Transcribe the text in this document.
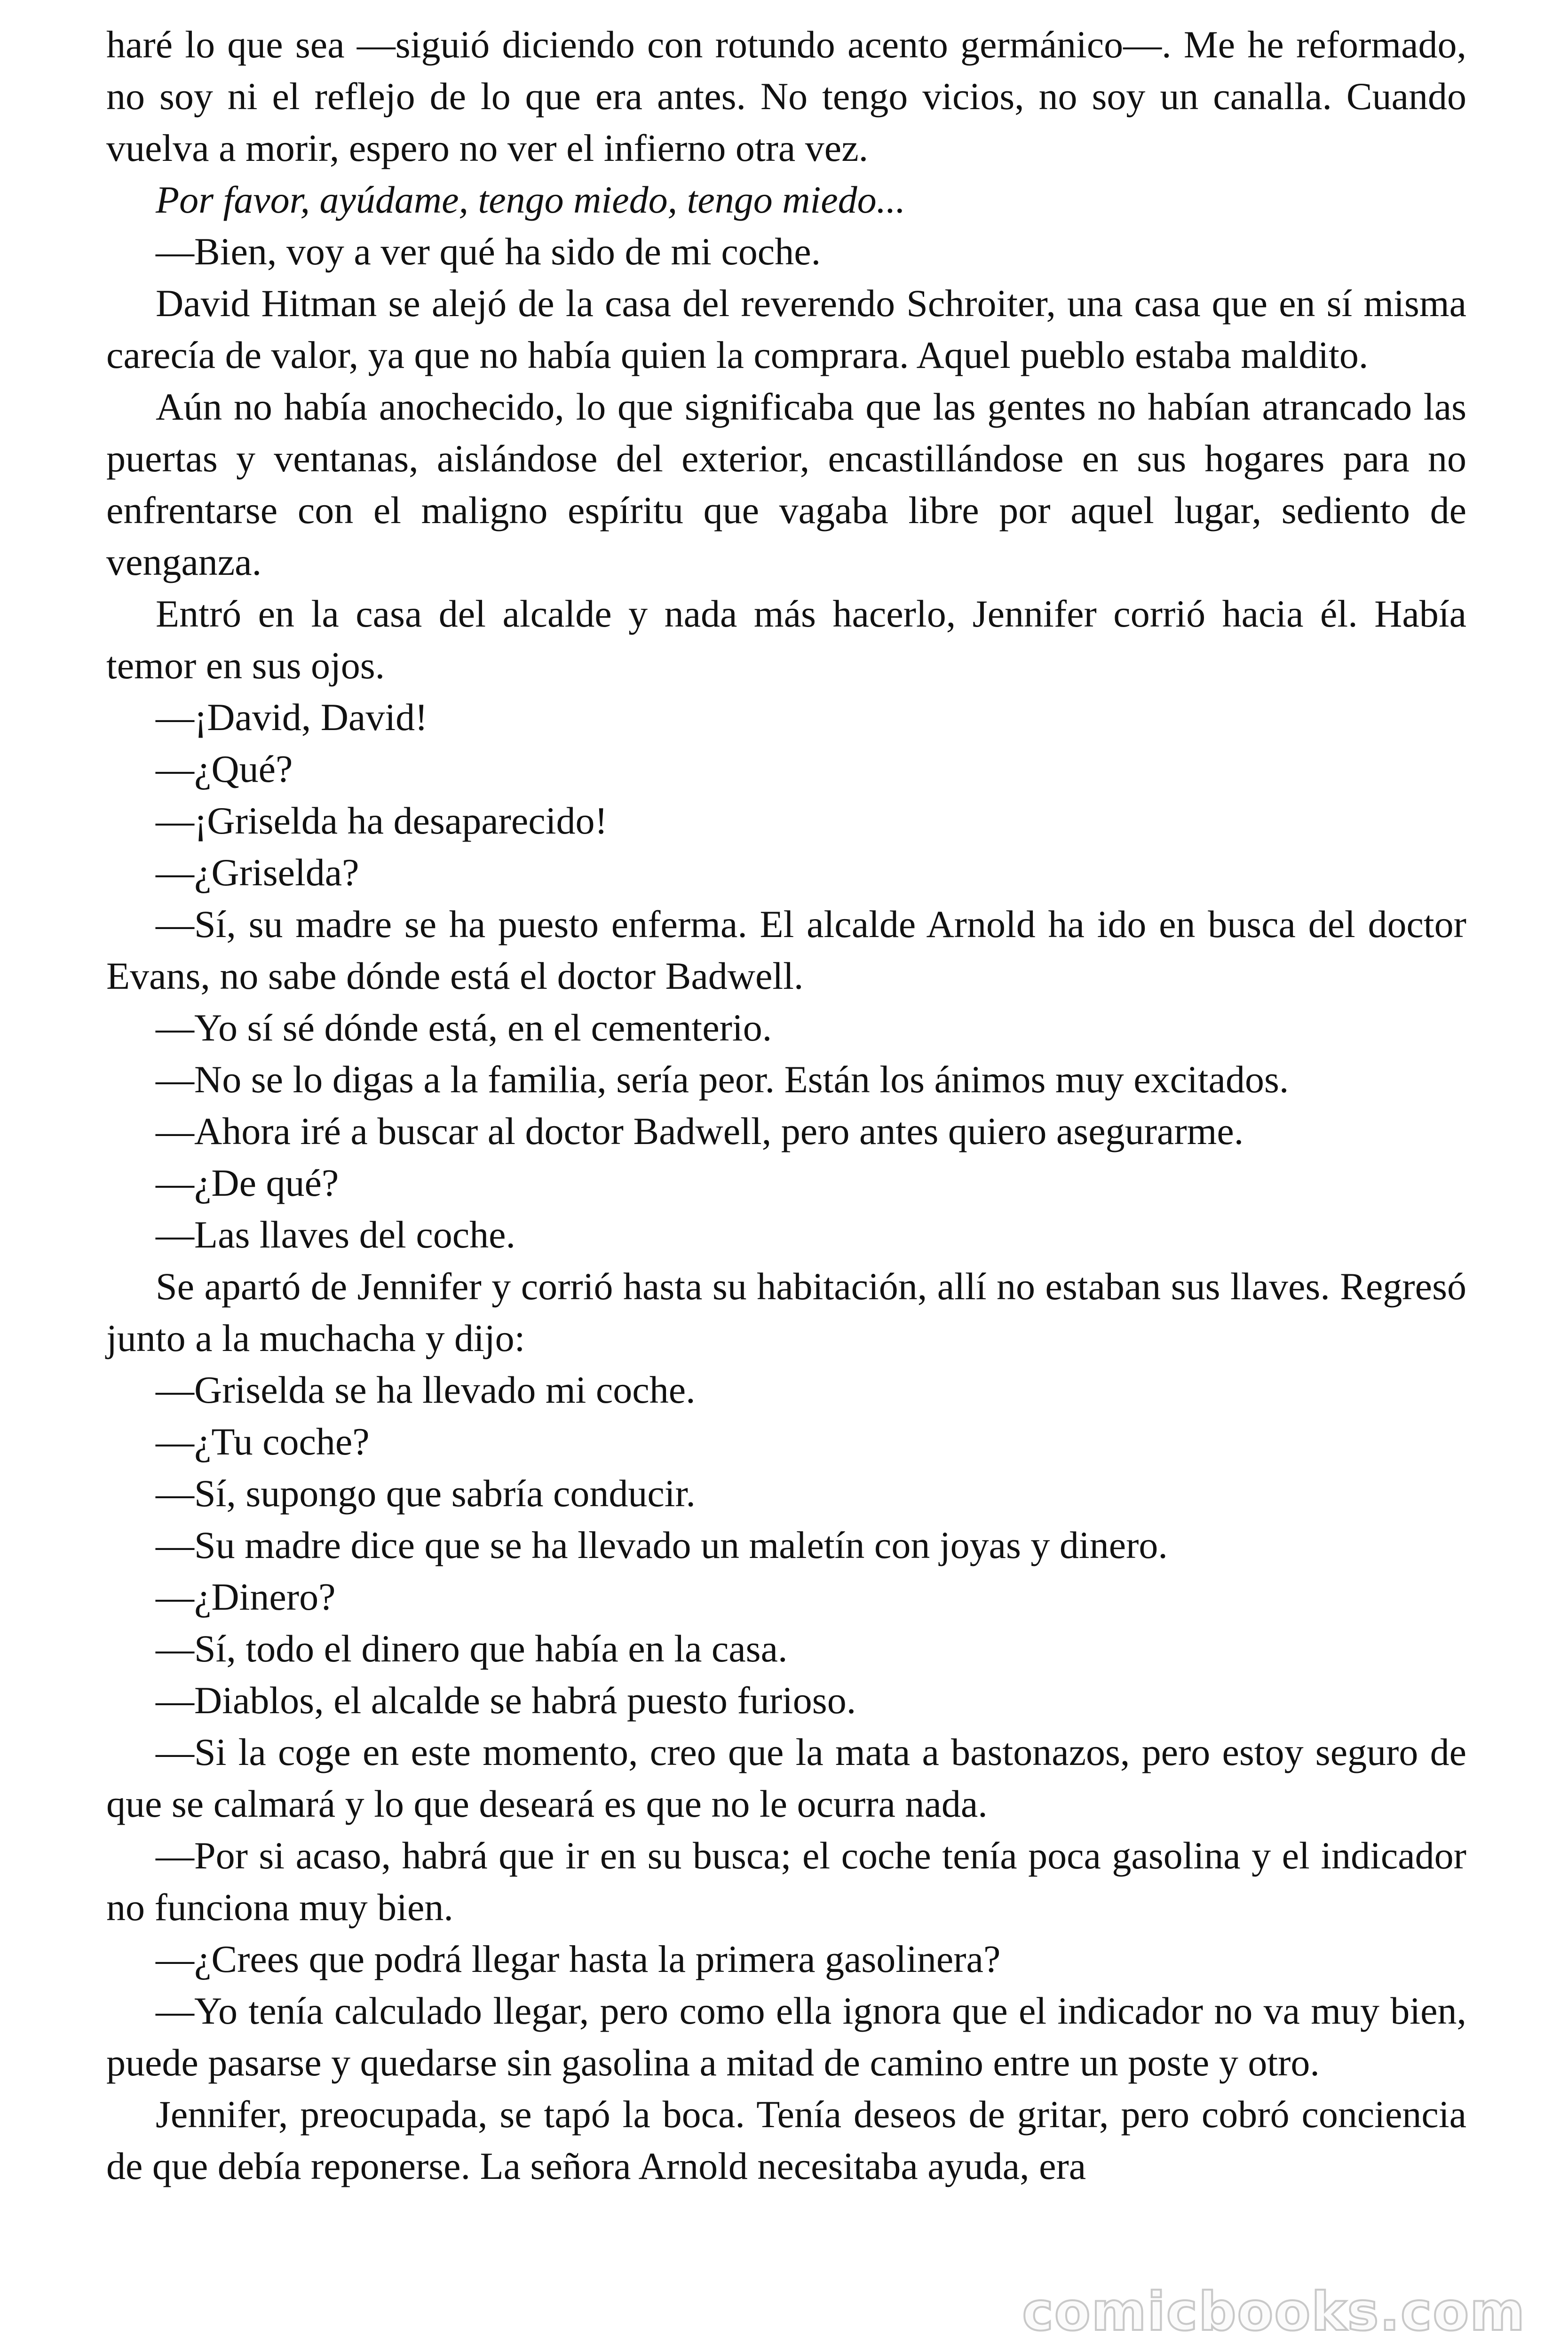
haré lo que sea —siguió diciendo con rotundo acento germánico—. Me he reformado, no soy ni el reflejo de lo que era antes. No tengo vicios, no soy un canalla. Cuando vuelva a morir, espero no ver el infierno otra vez.

Por favor, ayúdame, tengo miedo, tengo miedo...

—Bien, voy a ver qué ha sido de mi coche.

David Hitman se alejó de la casa del reverendo Schroiter, una casa que en sí misma carecía de valor, ya que no había quien la comprara. Aquel pueblo estaba maldito.

Aún no había anochecido, lo que significaba que las gentes no habían atrancado las puertas y ventanas, aislándose del exterior, encastillándose en sus hogares para no enfrentarse con el maligno espíritu que vagaba libre por aquel lugar, sediento de venganza.

Entró en la casa del alcalde y nada más hacerlo, Jennifer corrió hacia él. Había temor en sus ojos.

—¡David, David!

—¿Qué?

—¡Griselda ha desaparecido!

—¿Griselda?

—Sí, su madre se ha puesto enferma. El alcalde Arnold ha ido en busca del doctor Evans, no sabe dónde está el doctor Badwell.

—Yo sí sé dónde está, en el cementerio.

—No se lo digas a la familia, sería peor. Están los ánimos muy excitados.

—Ahora iré a buscar al doctor Badwell, pero antes quiero asegurarme.

—¿De qué?

—Las llaves del coche.

Se apartó de Jennifer y corrió hasta su habitación, allí no estaban sus llaves. Regresó junto a la muchacha y dijo:

—Griselda se ha llevado mi coche.

—¿Tu coche?

—Sí, supongo que sabría conducir.

—Su madre dice que se ha llevado un maletín con joyas y dinero.

—¿Dinero?

—Sí, todo el dinero que había en la casa.

—Diablos, el alcalde se habrá puesto furioso.

—Si la coge en este momento, creo que la mata a bastonazos, pero estoy seguro de que se calmará y lo que deseará es que no le ocurra nada.

—Por si acaso, habrá que ir en su busca; el coche tenía poca gasolina y el indicador no funciona muy bien.

—¿Crees que podrá llegar hasta la primera gasolinera?

—Yo tenía calculado llegar, pero como ella ignora que el indicador no va muy bien, puede pasarse y quedarse sin gasolina a mitad de camino entre un poste y otro.

Jennifer, preocupada, se tapó la boca. Tenía deseos de gritar, pero cobró conciencia de que debía reponerse. La señora Arnold necesitaba ayuda, era

comicbooks.com
